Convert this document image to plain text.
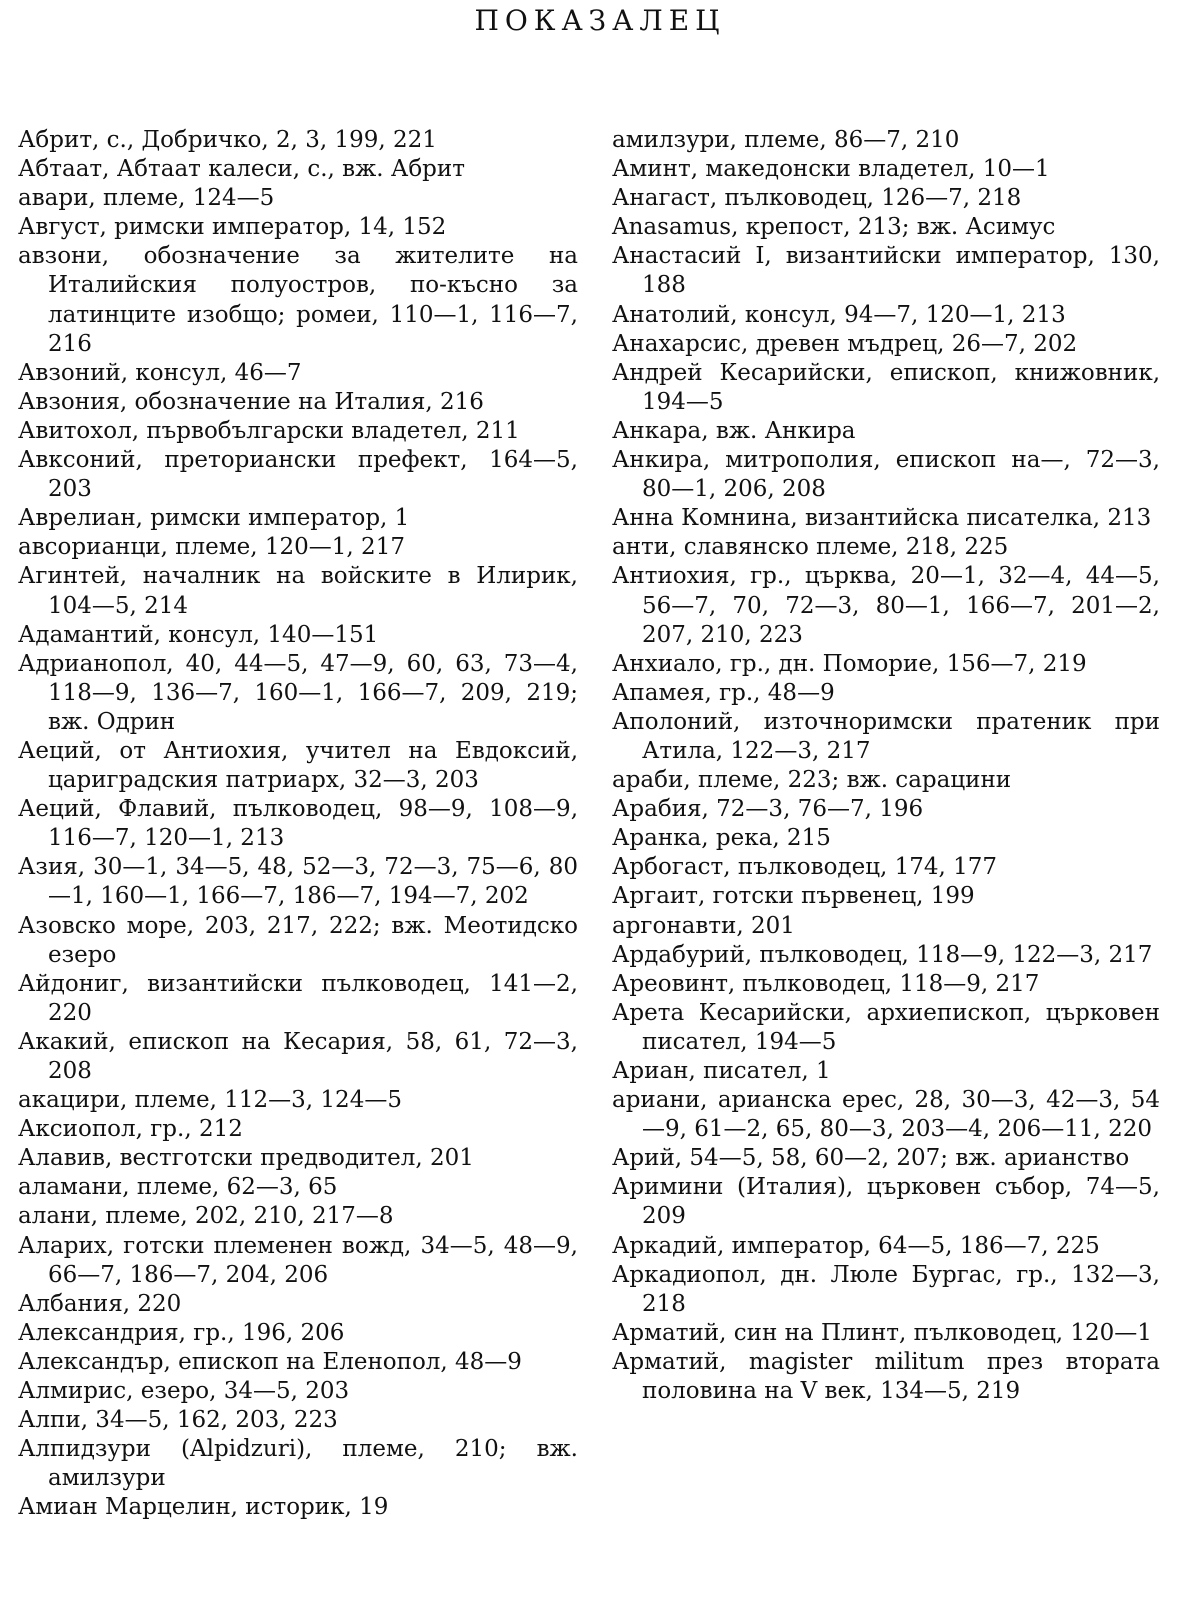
ПОКАЗАЛЕЦ
Абрит, с., Добричко, 2, 3, 199, 221
Абтаат, Абтаат калеси, с., вж. Абрит
авари, племе, 124—5
Август, римски император, 14, 152
авзони, обозначение за жителите на Италийския полуостров, по-късно за латинците изобщо; ромеи, 110—1, 116—7, 216
Авзоний, консул, 46—7
Авзония, обозначение на Италия, 216
Авитохол, първобългарски владетел, 211
Авксоний, преториански префект, 164—5, 203
Аврелиан, римски император, 1
авсорианци, племе, 120—1, 217
Агинтей, началник на войските в Илирик, 104—5, 214
Адамантий, консул, 140—151
Адрианопол, 40, 44—5, 47—9, 60, 63, 73—4, 118—9, 136—7, 160—1, 166—7, 209, 219; вж. Одрин
Аеций, от Антиохия, учител на Евдоксий, цариградския патриарх, 32—3, 203
Аеций, Флавий, пълководец, 98—9, 108—9, 116—7, 120—1, 213
Азия, 30—1, 34—5, 48, 52—3, 72—3, 75—6, 80—1, 160—1, 166—7, 186—7, 194—7, 202
Азовско море, 203, 217, 222; вж. Меотидско езеро
Айдониг, византийски пълководец, 141—2, 220
Акакий, епископ на Кесария, 58, 61, 72—3, 208
акацири, племе, 112—3, 124—5
Аксиопол, гр., 212
Алавив, вестготски предводител, 201
аламани, племе, 62—3, 65
алани, племе, 202, 210, 217—8
Аларих, готски племенен вожд, 34—5, 48—9, 66—7, 186—7, 204, 206
Албания, 220
Александрия, гр., 196, 206
Александър, епископ на Еленопол, 48—9
Алмирис, езеро, 34—5, 203
Алпи, 34—5, 162, 203, 223
Алпидзури (Alpidzuri), племе, 210; вж. амилзури
Амиан Марцелин, историк, 19
амилзури, племе, 86—7, 210
Аминт, македонски владетел, 10—1
Анагаст, пълководец, 126—7, 218
Anasamus, крепост, 213; вж. Асимус
Анастасий I, византийски император, 130, 188
Анатолий, консул, 94—7, 120—1, 213
Анахарсис, древен мъдрец, 26—7, 202
Андрей Кесарийски, епископ, книжовник, 194—5
Анкара, вж. Анкира
Анкира, митрополия, епископ на—, 72—3, 80—1, 206, 208
Анна Комнина, византийска писателка, 213
анти, славянско племе, 218, 225
Антиохия, гр., църква, 20—1, 32—4, 44—5, 56—7, 70, 72—3, 80—1, 166—7, 201—2, 207, 210, 223
Анхиало, гр., дн. Поморие, 156—7, 219
Апамея, гр., 48—9
Аполоний, източноримски пратеник при Атила, 122—3, 217
араби, племе, 223; вж. сарацини
Арабия, 72—3, 76—7, 196
Аранка, река, 215
Арбогаст, пълководец, 174, 177
Аргаит, готски първенец, 199
аргонавти, 201
Ардабурий, пълководец, 118—9, 122—3, 217
Ареовинт, пълководец, 118—9, 217
Арета Кесарийски, архиепископ, църковен писател, 194—5
Ариан, писател, 1
ариани, арианска ерес, 28, 30—3, 42—3, 54—9, 61—2, 65, 80—3, 203—4, 206—11, 220
Арий, 54—5, 58, 60—2, 207; вж. арианство
Аримини (Италия), църковен събор, 74—5, 209
Аркадий, император, 64—5, 186—7, 225
Аркадиопол, дн. Люле Бургас, гр., 132—3, 218
Арматий, син на Плинт, пълководец, 120—1
Арматий, magister militum през втората половина на V век, 134—5, 219
